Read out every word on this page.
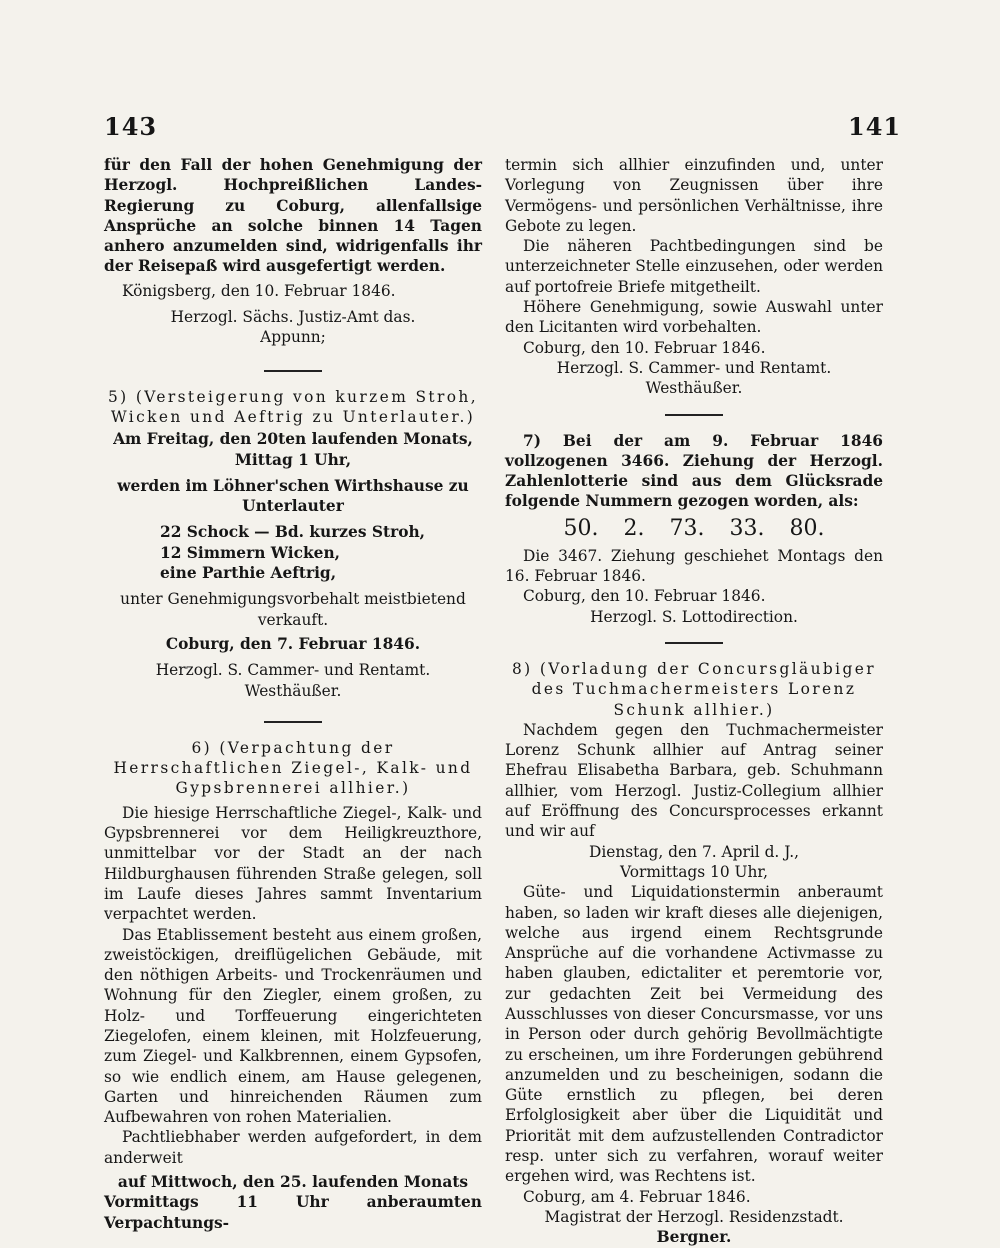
143	141

für den Fall der hohen Genehmigung der Herzogl. Hochpreißlichen Landes-Regierung zu Coburg, allenfallsige Ansprüche an solche binnen 14 Tagen anhero anzumelden sind, widrigenfalls ihr der Reisepaß wird ausgefertigt werden.

Königsberg, den 10. Februar 1846.

Herzogl. Sächs. Justiz-Amt das.

Appunn;

5) (Versteigerung von kurzem Stroh, Wicken und Aeftrig zu Unterlauter.)

Am Freitag, den 20ten laufenden Monats, Mittag 1 Uhr,

werden im Löhner'schen Wirthshause zu Unterlauter

22 Schock — Bd. kurzes Stroh,

12 Simmern Wicken,

eine Parthie Aeftrig,

unter Genehmigungsvorbehalt meistbietend verkauft.

Coburg, den 7. Februar 1846.

Herzogl. S. Cammer- und Rentamt.

Westhäußer.

6) (Verpachtung der Herrschaftlichen Ziegel-, Kalk- und Gypsbrennerei allhier.)

Die hiesige Herrschaftliche Ziegel-, Kalk- und Gypsbrennerei vor dem Heiligkreuzthore, unmittelbar vor der Stadt an der nach Hildburghausen führenden Straße gelegen, soll im Laufe dieses Jahres sammt Inventarium verpachtet werden.

Das Etablissement besteht aus einem großen, zweistöckigen, dreiflügelichen Gebäude, mit den nöthigen Arbeits- und Trockenräumen und Wohnung für den Ziegler, einem großen, zu Holz- und Torffeuerung eingerichteten Ziegelofen, einem kleinen, mit Holzfeuerung, zum Ziegel- und Kalkbrennen, einem Gypsofen, so wie endlich einem, am Hause gelegenen, Garten und hinreichenden Räumen zum Aufbewahren von rohen Materialien.

Pachtliebhaber werden aufgefordert, in dem anderweit

auf Mittwoch, den 25. laufenden Monats

Vormittags 11 Uhr anberaumten Verpachtungs-

termin sich allhier einzufinden und, unter Vorlegung von Zeugnissen über ihre Vermögens- und persönlichen Verhältnisse, ihre Gebote zu legen.

Die näheren Pachtbedingungen sind be unterzeichneter Stelle einzusehen, oder werden auf portofreie Briefe mitgetheilt.

Höhere Genehmigung, sowie Auswahl unter den Licitanten wird vorbehalten.

Coburg, den 10. Februar 1846.

Herzogl. S. Cammer- und Rentamt.

Westhäußer.

7) Bei der am 9. Februar 1846 vollzogenen 3466. Ziehung der Herzogl. Zahlenlotterie sind aus dem Glücksrade folgende Nummern gezogen worden, als:

50. 2. 73. 33. 80.

Die 3467. Ziehung geschiehet Montags den 16. Februar 1846.

Coburg, den 10. Februar 1846.

Herzogl. S. Lottodirection.

8) (Vorladung der Concursgläubiger des Tuchmachermeisters Lorenz Schunk allhier.)

Nachdem gegen den Tuchmachermeister Lorenz Schunk allhier auf Antrag seiner Ehefrau Elisabetha Barbara, geb. Schuhmann allhier, vom Herzogl. Justiz-Collegium allhier auf Eröffnung des Concursprocesses erkannt und wir auf

Dienstag, den 7. April d. J.,

Vormittags 10 Uhr,

Güte- und Liquidationstermin anberaumt haben, so laden wir kraft dieses alle diejenigen, welche aus irgend einem Rechtsgrunde Ansprüche auf die vorhandene Activmasse zu haben glauben, edictaliter et peremtorie vor, zur gedachten Zeit bei Vermeidung des Ausschlusses von dieser Concursmasse, vor uns in Person oder durch gehörig Bevollmächtigte zu erscheinen, um ihre Forderungen gebührend anzumelden und zu bescheinigen, sodann die Güte ernstlich zu pflegen, bei deren Erfolglosigkeit aber über die Liquidität und Priorität mit dem aufzustellenden Contradictor resp. unter sich zu verfahren, worauf weiter ergehen wird, was Rechtens ist.

Coburg, am 4. Februar 1846.

Magistrat der Herzogl. Residenzstadt.

Bergner.
